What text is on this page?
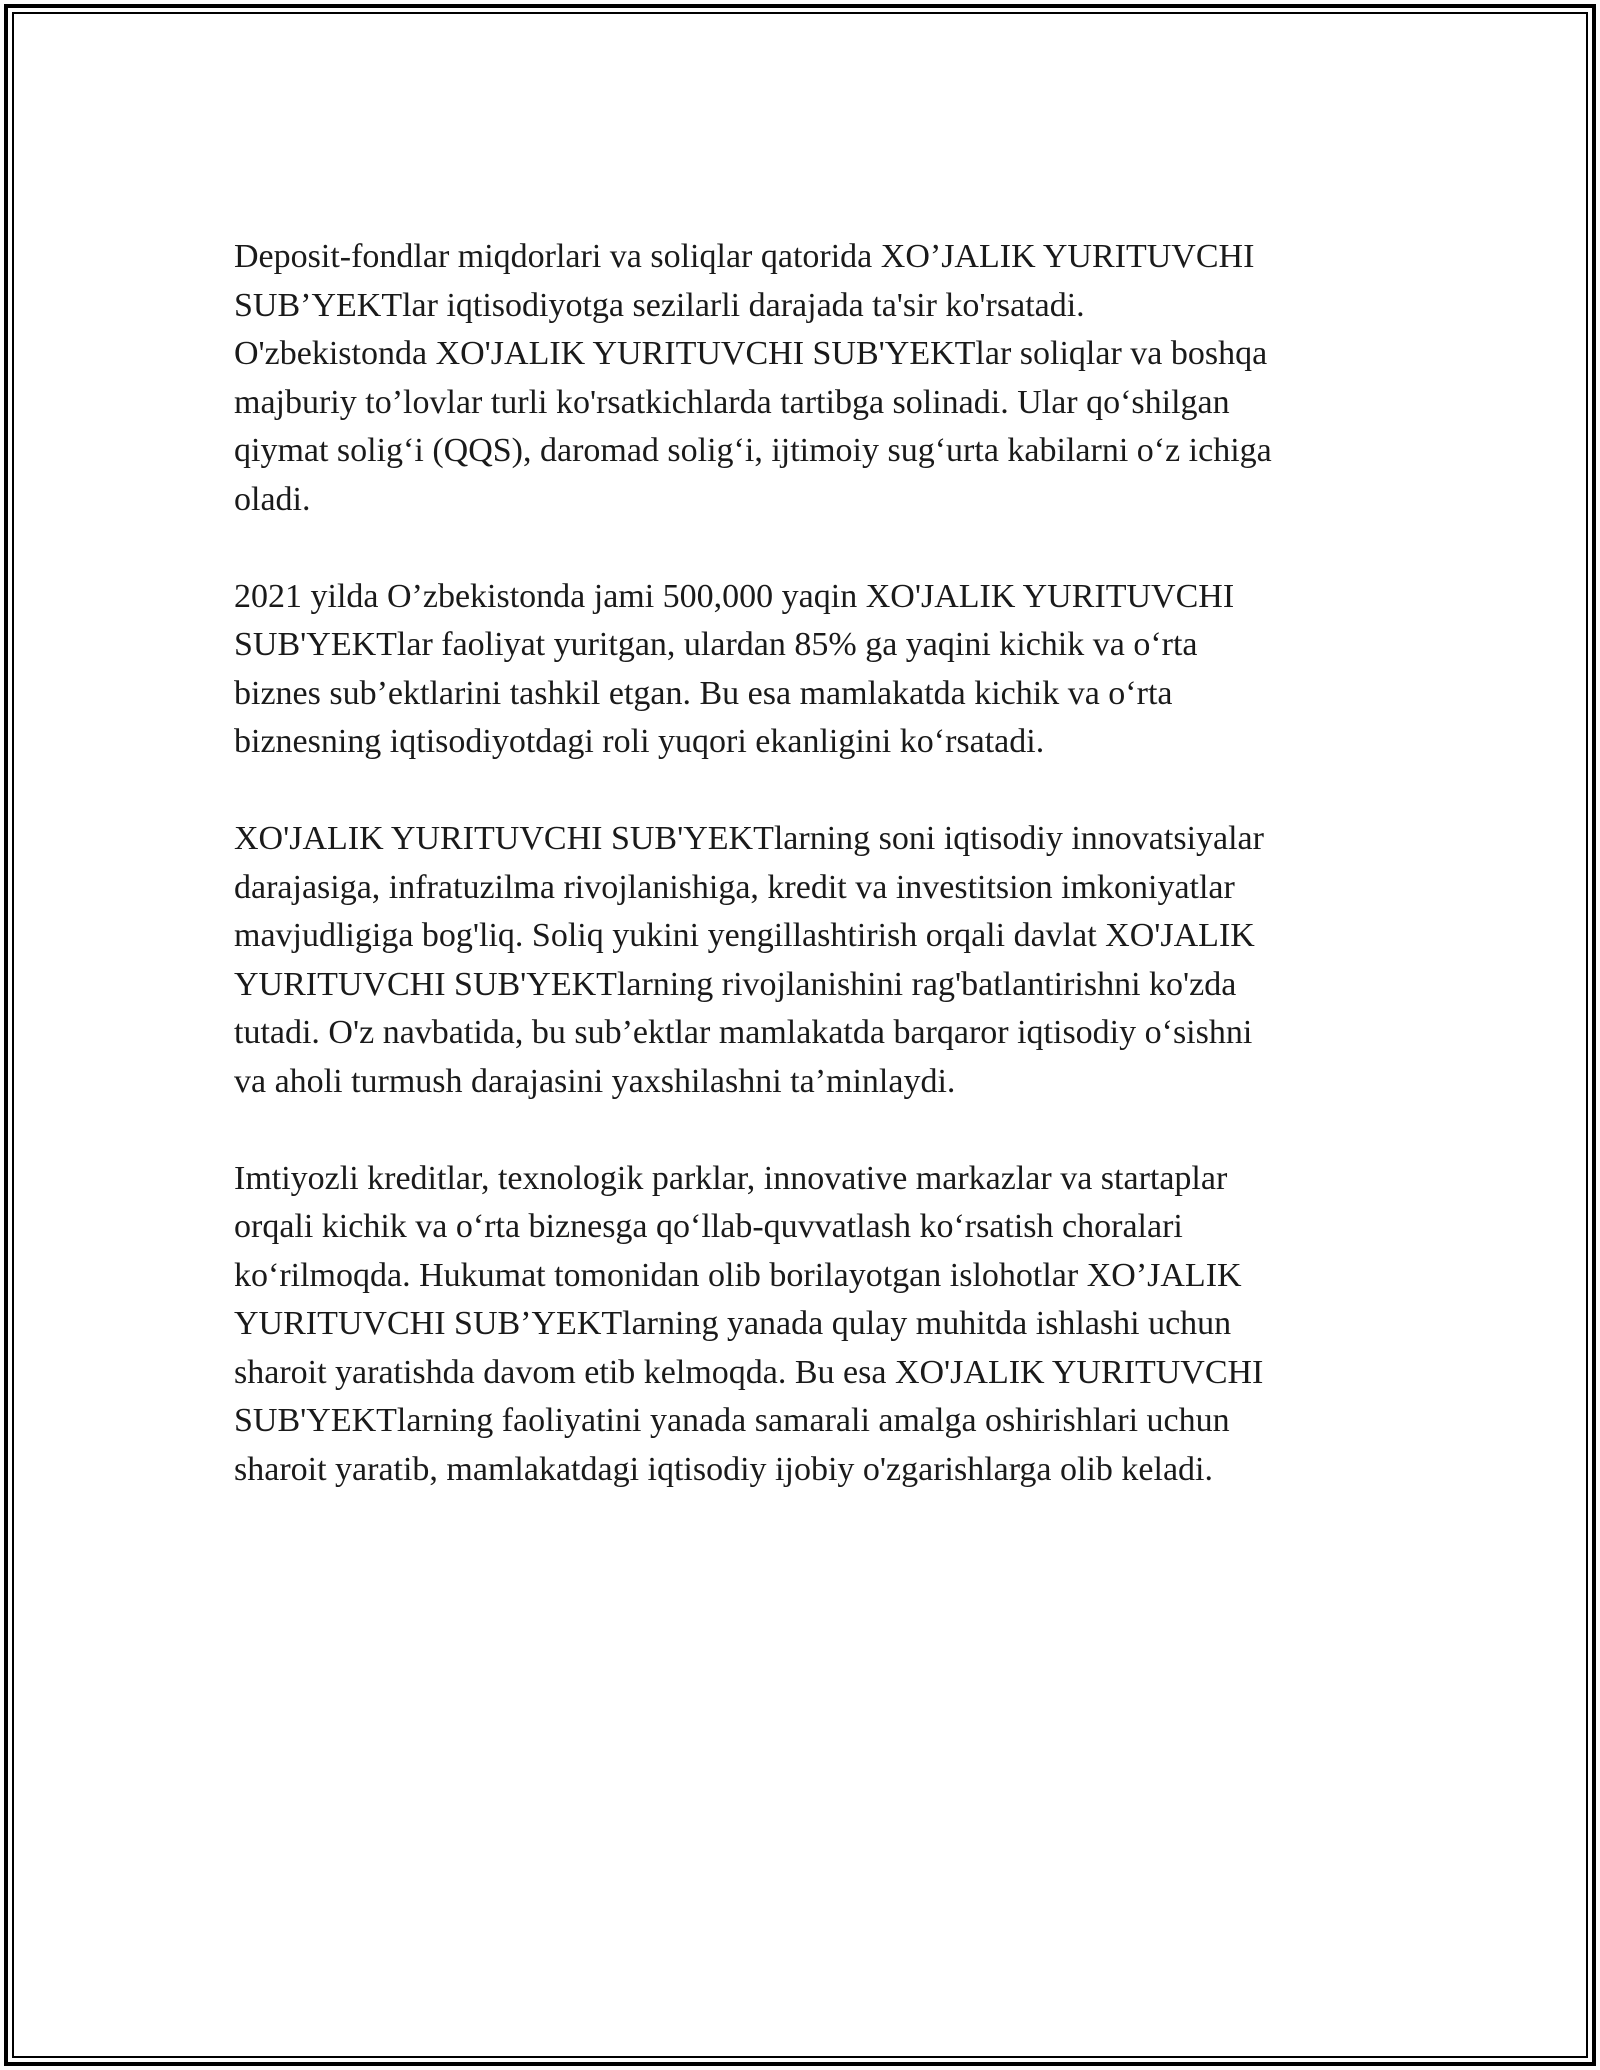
Deposit-fondlar miqdorlari va soliqlar qatorida XO’JALIK YURITUVCHI
SUB’YEKTlar iqtisodiyotga sezilarli darajada ta'sir ko'rsatadi.
O'zbekistonda XO'JALIK YURITUVCHI SUB'YEKTlar soliqlar va boshqa
majburiy to’lovlar turli ko'rsatkichlarda tartibga solinadi. Ular qo‘shilgan
qiymat solig‘i (QQS), daromad solig‘i, ijtimoiy sug‘urta kabilarni o‘z ichiga
oladi.

2021 yilda O’zbekistonda jami 500,000 yaqin XO'JALIK YURITUVCHI
SUB'YEKTlar faoliyat yuritgan, ulardan 85% ga yaqini kichik va o‘rta
biznes sub’ektlarini tashkil etgan. Bu esa mamlakatda kichik va o‘rta
biznesning iqtisodiyotdagi roli yuqori ekanligini ko‘rsatadi.

XO'JALIK YURITUVCHI SUB'YEKTlarning soni iqtisodiy innovatsiyalar
darajasiga, infratuzilma rivojlanishiga, kredit va investitsion imkoniyatlar
mavjudligiga bog'liq. Soliq yukini yengillashtirish orqali davlat XO'JALIK
YURITUVCHI SUB'YEKTlarning rivojlanishini rag'batlantirishni ko'zda
tutadi. O'z navbatida, bu sub’ektlar mamlakatda barqaror iqtisodiy o‘sishni
va aholi turmush darajasini yaxshilashni ta’minlaydi.

Imtiyozli kreditlar, texnologik parklar, innovative markazlar va startaplar
orqali kichik va o‘rta biznesga qo‘llab-quvvatlash ko‘rsatish choralari
ko‘rilmoqda. Hukumat tomonidan olib borilayotgan islohotlar XO’JALIK
YURITUVCHI SUB’YEKTlarning yanada qulay muhitda ishlashi uchun
sharoit yaratishda davom etib kelmoqda. Bu esa XO'JALIK YURITUVCHI
SUB'YEKTlarning faoliyatini yanada samarali amalga oshirishlari uchun
sharoit yaratib, mamlakatdagi iqtisodiy ijobiy o'zgarishlarga olib keladi.
